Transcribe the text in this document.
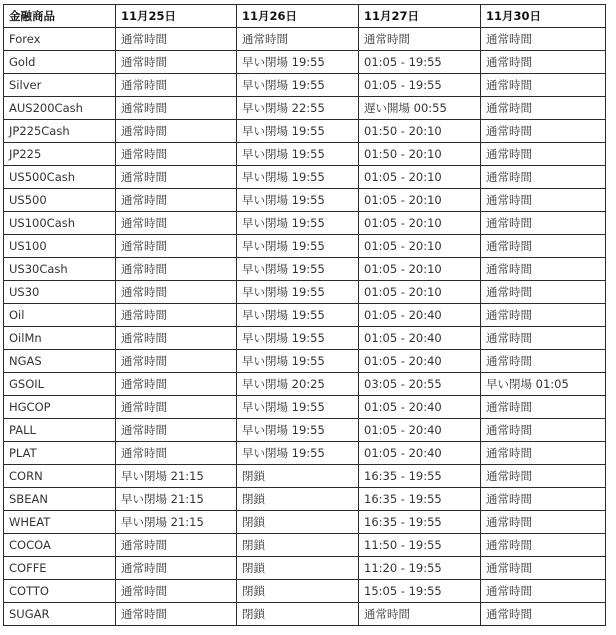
金融商品	11月25日	11月26日	11月27日	11月30日
Forex	通常時間	通常時間	通常時間	通常時間
Gold	通常時間	早い閉場 19:55	01:05 - 19:55	通常時間
Silver	通常時間	早い閉場 19:55	01:05 - 19:55	通常時間
AUS200Cash	通常時間	早い閉場 22:55	遅い開場 00:55	通常時間
JP225Cash	通常時間	早い閉場 19:55	01:50 - 20:10	通常時間
JP225	通常時間	早い閉場 19:55	01:50 - 20:10	通常時間
US500Cash	通常時間	早い閉場 19:55	01:05 - 20:10	通常時間
US500	通常時間	早い閉場 19:55	01:05 - 20:10	通常時間
US100Cash	通常時間	早い閉場 19:55	01:05 - 20:10	通常時間
US100	通常時間	早い閉場 19:55	01:05 - 20:10	通常時間
US30Cash	通常時間	早い閉場 19:55	01:05 - 20:10	通常時間
US30	通常時間	早い閉場 19:55	01:05 - 20:10	通常時間
Oil	通常時間	早い閉場 19:55	01:05 - 20:40	通常時間
OilMn	通常時間	早い閉場 19:55	01:05 - 20:40	通常時間
NGAS	通常時間	早い閉場 19:55	01:05 - 20:40	通常時間
GSOIL	通常時間	早い閉場 20:25	03:05 - 20:55	早い閉場 01:05
HGCOP	通常時間	早い閉場 19:55	01:05 - 20:40	通常時間
PALL	通常時間	早い閉場 19:55	01:05 - 20:40	通常時間
PLAT	通常時間	早い閉場 19:55	01:05 - 20:40	通常時間
CORN	早い閉場 21:15	閉鎖	16:35 - 19:55	通常時間
SBEAN	早い閉場 21:15	閉鎖	16:35 - 19:55	通常時間
WHEAT	早い閉場 21:15	閉鎖	16:35 - 19:55	通常時間
COCOA	通常時間	閉鎖	11:50 - 19:55	通常時間
COFFE	通常時間	閉鎖	11:20 - 19:55	通常時間
COTTO	通常時間	閉鎖	15:05 - 19:55	通常時間
SUGAR	通常時間	閉鎖	通常時間	通常時間
